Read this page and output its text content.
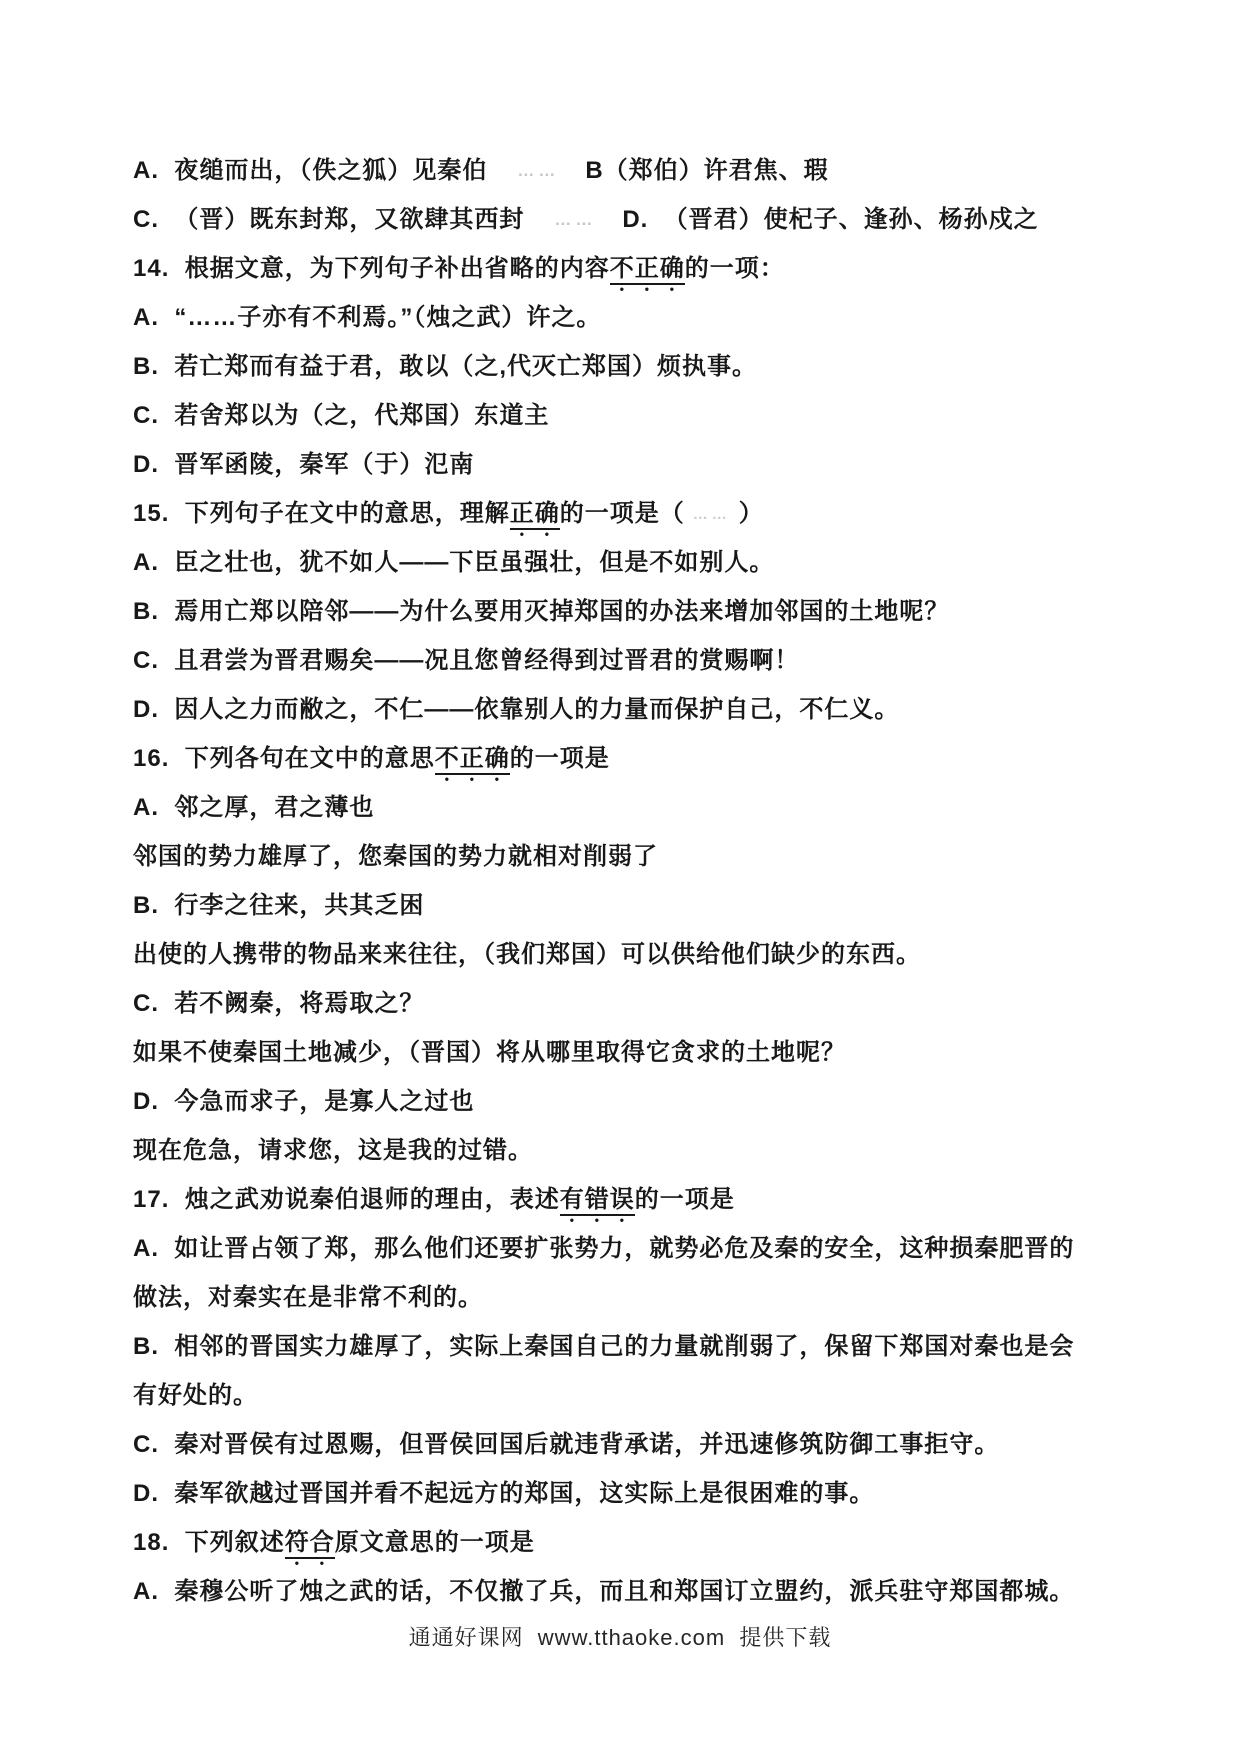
A.  夜缒而出，（佚之狐）见秦伯 …… B（郑伯）许君焦、瑕
C.  （晋）既东封郑，又欲肆其西封 …… D.  （晋君）使杞子、逢孙、杨孙戍之
14.  根据文意，为下列句子补出省略的内容不正确的一项：
A.  “……子亦有不利焉。”（烛之武）许之。
B.  若亡郑而有益于君，敢以（之,代灭亡郑国）烦执事。
C.  若舍郑以为（之，代郑国）东道主
D.  晋军函陵，秦军（于）氾南
15.  下列句子在文中的意思，理解正确的一项是（ …… ）
A.  臣之壮也，犹不如人——下臣虽强壮，但是不如别人。
B.  焉用亡郑以陪邻——为什么要用灭掉郑国的办法来增加邻国的土地呢？
C.  且君尝为晋君赐矣——况且您曾经得到过晋君的赏赐啊！
D.  因人之力而敝之，不仁——依靠别人的力量而保护自己，不仁义。
16.  下列各句在文中的意思不正确的一项是
A.  邻之厚，君之薄也
邻国的势力雄厚了，您秦国的势力就相对削弱了
B.  行李之往来，共其乏困
出使的人携带的物品来来往往，（我们郑国）可以供给他们缺少的东西。
C.  若不阙秦，将焉取之？
如果不使秦国土地减少，（晋国）将从哪里取得它贪求的土地呢？
D.  今急而求子，是寡人之过也
现在危急，请求您，这是我的过错。
17.  烛之武劝说秦伯退师的理由，表述有错误的一项是
A.  如让晋占领了郑，那么他们还要扩张势力，就势必危及秦的安全，这种损秦肥晋的
做法，对秦实在是非常不利的。
B.  相邻的晋国实力雄厚了，实际上秦国自己的力量就削弱了，保留下郑国对秦也是会
有好处的。
C.  秦对晋侯有过恩赐，但晋侯回国后就违背承诺，并迅速修筑防御工事拒守。
D.  秦军欲越过晋国并看不起远方的郑国，这实际上是很困难的事。
18.  下列叙述符合原文意思的一项是
A.  秦穆公听了烛之武的话，不仅撤了兵，而且和郑国订立盟约，派兵驻守郑国都城。
通通好课网  www.tthaoke.com  提供下载
